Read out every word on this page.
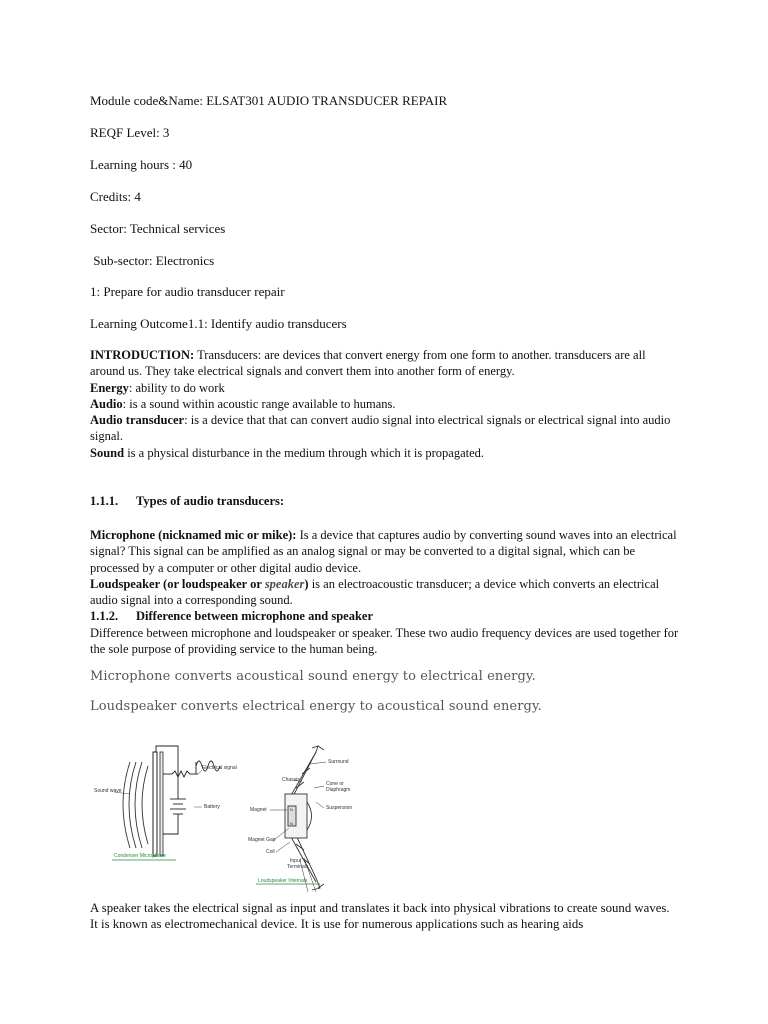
Module code&Name: ELSAT301 AUDIO TRANSDUCER REPAIR
REQF Level: 3
Learning hours : 40
Credits: 4
Sector: Technical services
Sub-sector: Electronics
1: Prepare for audio transducer repair
Learning Outcome1.1: Identify audio transducers

INTRODUCTION: Transducers: are devices that convert energy from one form to another. transducers are all around us. They take electrical signals and convert them into another form of energy.

Energy: ability to do work

Audio: is a sound within acoustic range available to humans.

Audio transducer: is a device that that can convert audio signal into electrical signals or electrical signal into audio signal.

Sound is a physical disturbance in the medium through which it is propagated.

1.1.1. Types of audio transducers:

Microphone (nicknamed mic or mike): Is a device that captures audio by converting sound waves into an electrical signal? This signal can be amplified as an analog signal or may be converted to a digital signal, which can be processed by a computer or other digital audio device.

Loudspeaker (or loudspeaker or speaker) is an electroacoustic transducer; a device which converts an electrical audio signal into a corresponding sound.

1.1.2. Difference between microphone and speaker

Difference between microphone and loudspeaker or speaker. These two audio frequency devices are used together for the sole purpose of providing service to the human being.

Microphone converts acoustical sound energy to electrical energy.
Loudspeaker converts electrical energy to acoustical sound energy.
N
N
Sound wave
Electrical signal
Battery
Condenser Microphone
Surround
Chassis
Cone or
Diaphragm
Suspension
Magnet
Magnet Gap
Coil
Input
Terminals
Loudspeaker Internals
A speaker takes the electrical signal as input and translates it back into physical vibrations to create sound waves. It is known as electromechanical device. It is use for numerous applications such as hearing aids
